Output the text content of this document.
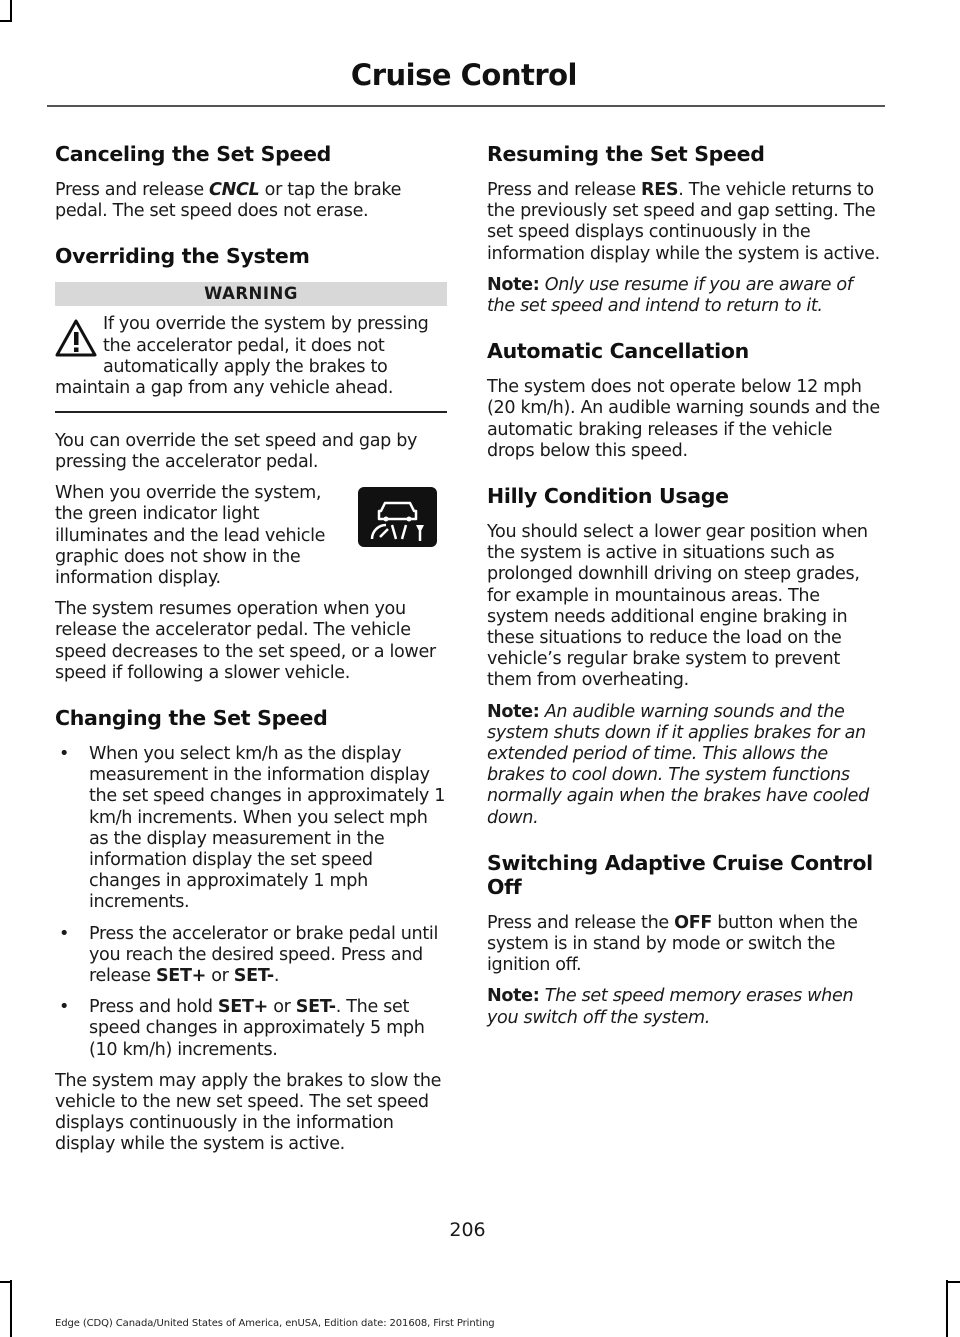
Cruise Control
Canceling the Set Speed

Press and release CNCL or tap the brake pedal. The set speed does not erase.

Overriding the System
WARNING

If you override the system by pressing the accelerator pedal, it does not automatically apply the brakes to maintain a gap from any vehicle ahead.

You can override the set speed and gap by pressing the accelerator pedal.

When you override the system, the green indicator light illuminates and the lead vehicle graphic does not show in the information display.

The system resumes operation when you release the accelerator pedal. The vehicle speed decreases to the set speed, or a lower speed if following a slower vehicle.

Changing the Set Speed
• When you select km/h as the display measurement in the information display the set speed changes in approximately 1 km/h increments. When you select mph as the display measurement in the information display the set speed changes in approximately 1 mph increments.
• Press the accelerator or brake pedal until you reach the desired speed. Press and release SET+ or SET-.
• Press and hold SET+ or SET-. The set speed changes in approximately 5 mph (10 km/h) increments.

The system may apply the brakes to slow the vehicle to the new set speed. The set speed displays continuously in the information display while the system is active.

Resuming the Set Speed

Press and release RES. The vehicle returns to the previously set speed and gap setting. The set speed displays continuously in the information display while the system is active.

Note: Only use resume if you are aware of the set speed and intend to return to it.

Automatic Cancellation

The system does not operate below 12 mph (20 km/h). An audible warning sounds and the automatic braking releases if the vehicle drops below this speed.

Hilly Condition Usage

You should select a lower gear position when the system is active in situations such as prolonged downhill driving on steep grades, for example in mountainous areas. The system needs additional engine braking in these situations to reduce the load on the vehicle’s regular brake system to prevent them from overheating.

Note: An audible warning sounds and the system shuts down if it applies brakes for an extended period of time. This allows the brakes to cool down. The system functions normally again when the brakes have cooled down.

Switching Adaptive Cruise Control Off

Press and release the OFF button when the system is in stand by mode or switch the ignition off.

Note: The set speed memory erases when you switch off the system.

206
Edge (CDQ) Canada/United States of America, enUSA, Edition date: 201608, First Printing
